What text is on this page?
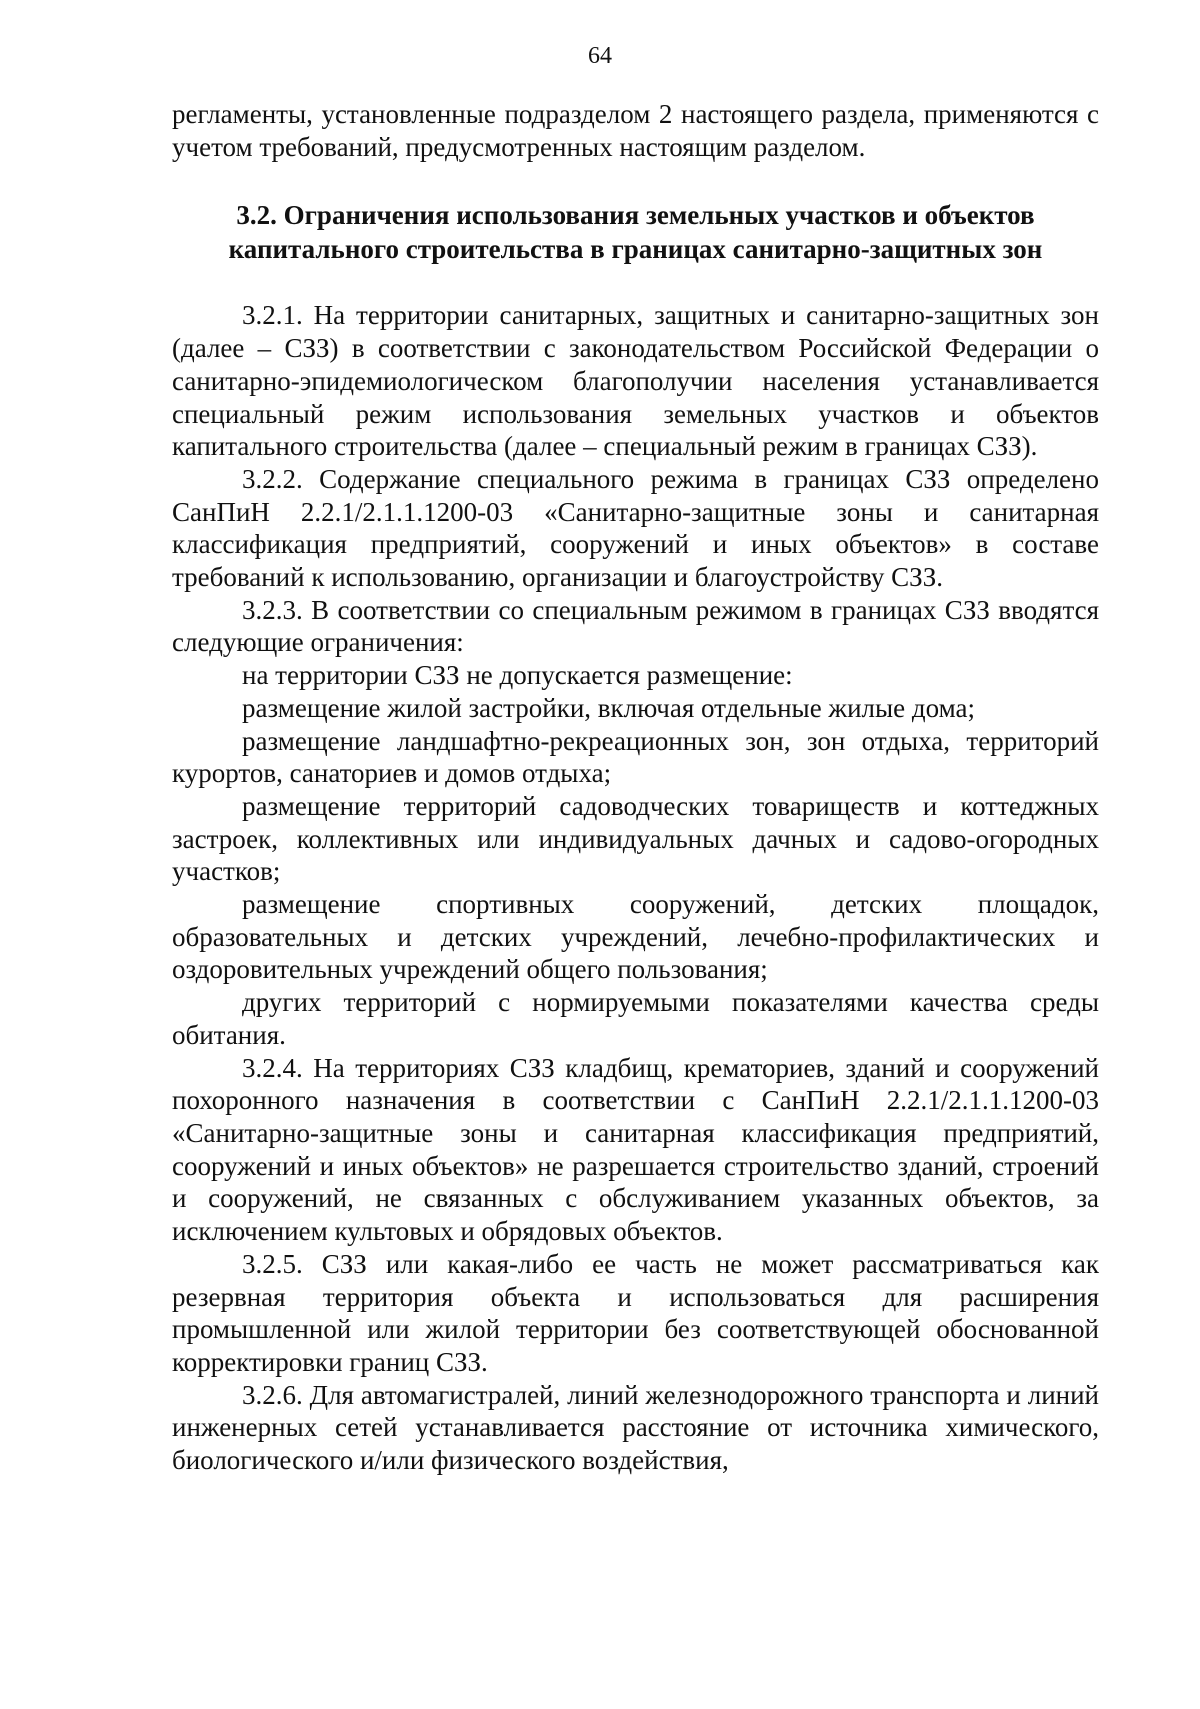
64

регламенты, установленные подразделом 2 настоящего раздела, применяются с учетом требований, предусмотренных настоящим разделом.

3.2. Ограничения использования земельных участков и объектов
капитального строительства в границах санитарно-защитных зон

3.2.1. На территории санитарных, защитных и санитарно-защитных зон (далее – СЗЗ) в соответствии с законодательством Российской Федерации о санитарно-эпидемиологическом благополучии населения устанавливается специальный режим использования земельных участков и объектов капитального строительства (далее – специальный режим в границах СЗЗ).

3.2.2. Содержание специального режима в границах СЗЗ определено СанПиН 2.2.1/2.1.1.1200-03 «Санитарно-защитные зоны и санитарная классификация предприятий, сооружений и иных объектов» в составе требований к использованию, организации и благоустройству СЗЗ.

3.2.3. В соответствии со специальным режимом в границах СЗЗ вводятся следующие ограничения:

на территории СЗЗ не допускается размещение:

размещение жилой застройки, включая отдельные жилые дома;

размещение ландшафтно-рекреационных зон, зон отдыха, территорий курортов, санаториев и домов отдыха;

размещение территорий садоводческих товариществ и коттеджных застроек, коллективных или индивидуальных дачных и садово-огородных участков;

размещение спортивных сооружений, детских площадок, образовательных и детских учреждений, лечебно-профилактических и оздоровительных учреждений общего пользования;

других территорий с нормируемыми показателями качества среды обитания.

3.2.4. На территориях СЗЗ кладбищ, крематориев, зданий и сооружений похоронного назначения в соответствии с СанПиН 2.2.1/2.1.1.1200-03 «Санитарно-защитные зоны и санитарная классификация предприятий, сооружений и иных объектов» не разрешается строительство зданий, строений и сооружений, не связанных с обслуживанием указанных объектов, за исключением культовых и обрядовых объектов.

3.2.5. СЗЗ или какая-либо ее часть не может рассматриваться как резервная территория объекта и использоваться для расширения промышленной или жилой территории без соответствующей обоснованной корректировки границ СЗЗ.

3.2.6. Для автомагистралей, линий железнодорожного транспорта и линий инженерных сетей устанавливается расстояние от источника химического, биологического и/или физического воздействия,
